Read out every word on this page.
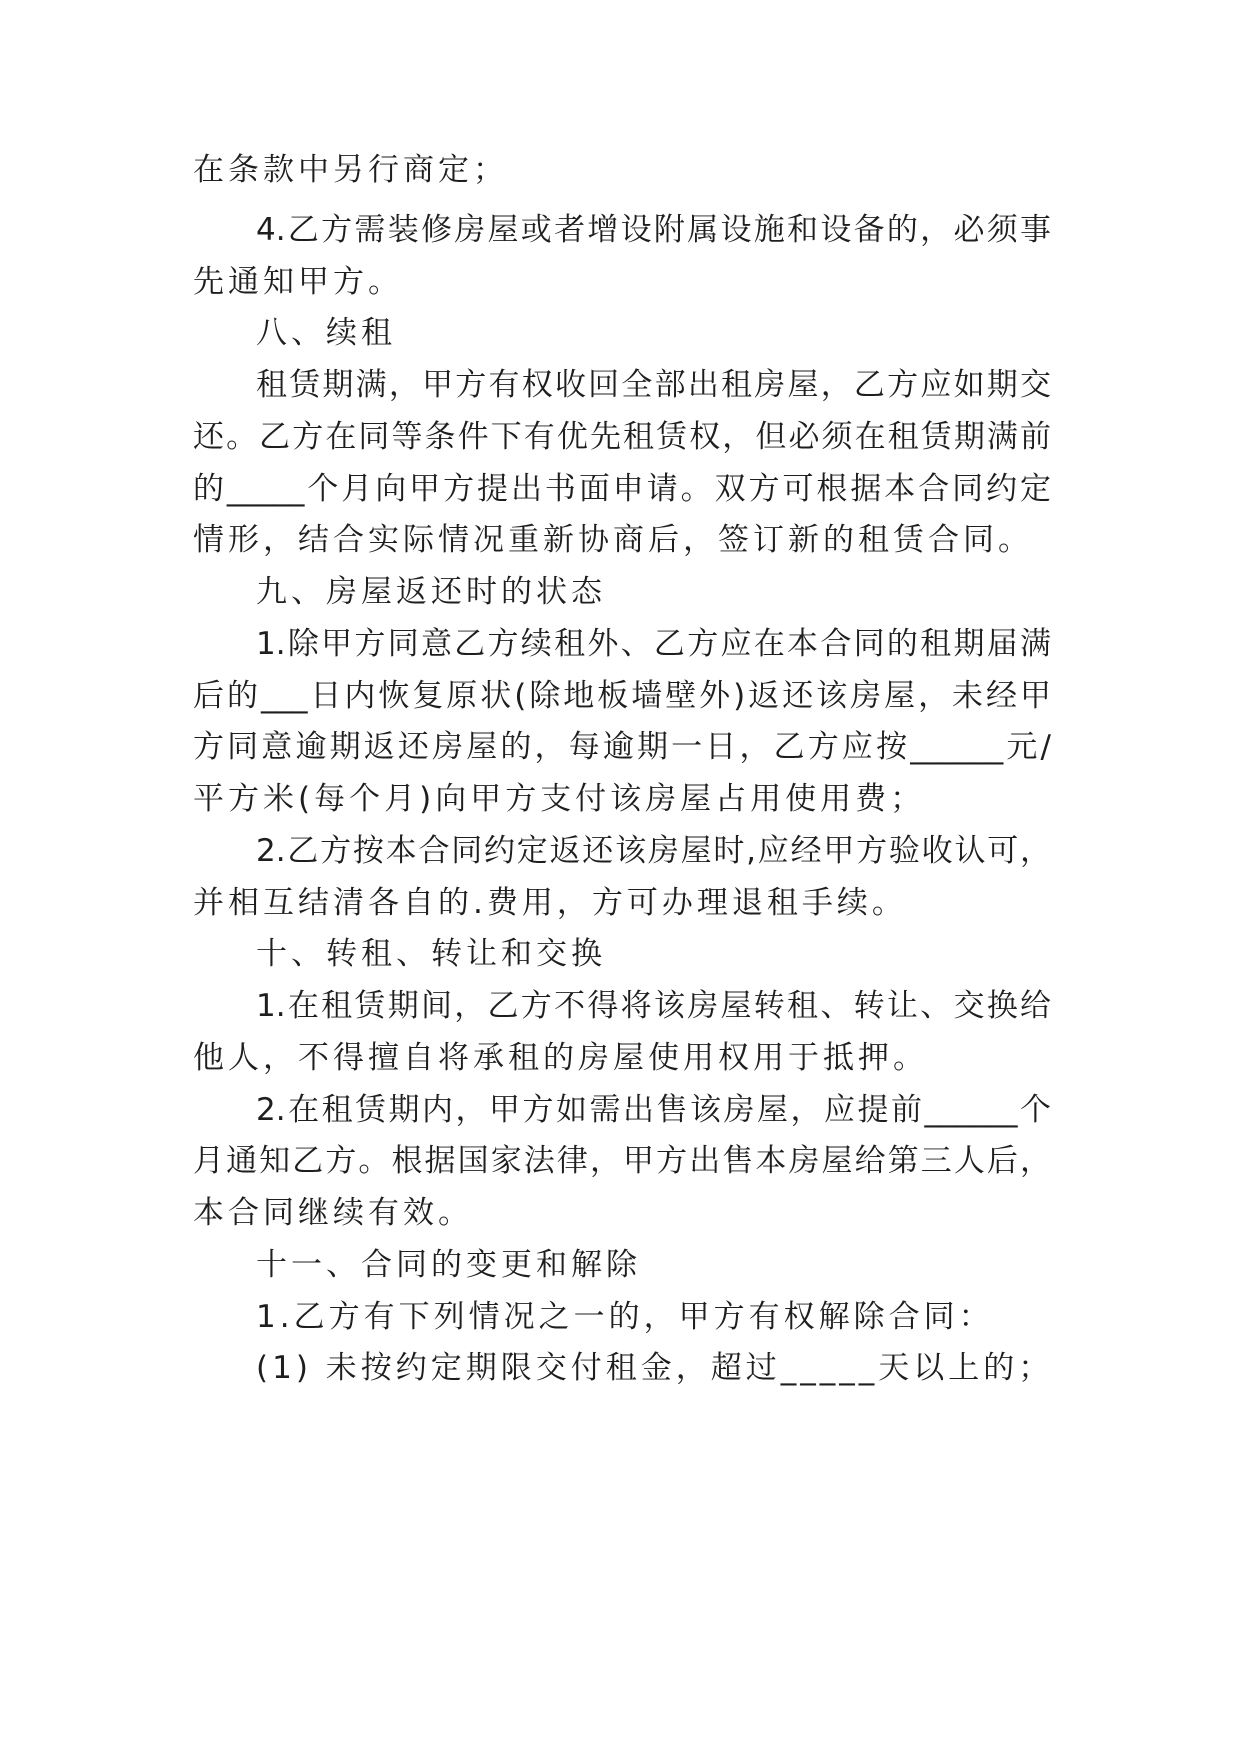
在条款中另行商定；
4.乙方需装修房屋或者增设附属设施和设备的，必须事
先通知甲方。
八、续租
租赁期满，甲方有权收回全部出租房屋，乙方应如期交
还。乙方在同等条件下有优先租赁权，但必须在租赁期满前
的_____个月向甲方提出书面申请。双方可根据本合同约定
情形，结合实际情况重新协商后，签订新的租赁合同。
九、房屋返还时的状态
1.除甲方同意乙方续租外、乙方应在本合同的租期届满
后的___日内恢复原状(除地板墙壁外)返还该房屋，未经甲
方同意逾期返还房屋的，每逾期一日，乙方应按______元/
平方米(每个月)向甲方支付该房屋占用使用费；
2.乙方按本合同约定返还该房屋时,应经甲方验收认可，
并相互结清各自的.费用，方可办理退租手续。
十、转租、转让和交换
1.在租赁期间，乙方不得将该房屋转租、转让、交换给
他人，不得擅自将承租的房屋使用权用于抵押。
2.在租赁期内，甲方如需出售该房屋，应提前______个
月通知乙方。根据国家法律，甲方出售本房屋给第三人后，
本合同继续有效。
十一、合同的变更和解除
1.乙方有下列情况之一的，甲方有权解除合同：
(1) 未按约定期限交付租金，超过_____天以上的；
